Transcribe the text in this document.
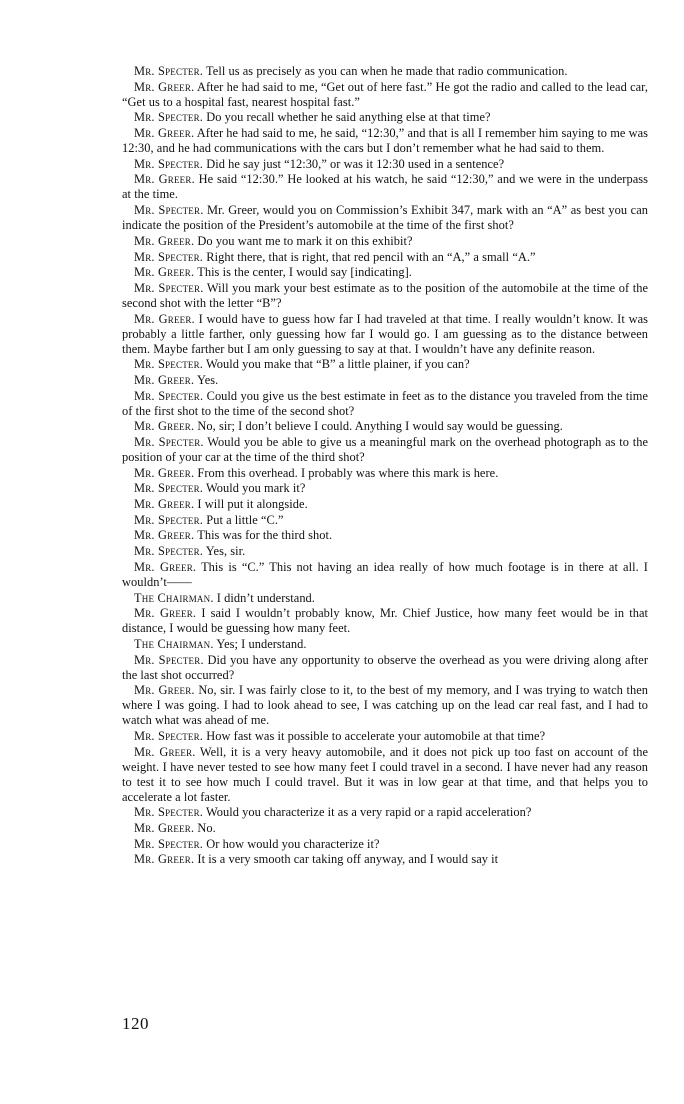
Mr. Specter. Tell us as precisely as you can when he made that radio communication.

Mr. Greer. After he had said to me, “Get out of here fast.” He got the radio and called to the lead car, “Get us to a hospital fast, nearest hospital fast.”

Mr. Specter. Do you recall whether he said anything else at that time?

Mr. Greer. After he had said to me, he said, “12:30,” and that is all I remember him saying to me was 12:30, and he had communications with the cars but I don’t remember what he had said to them.

Mr. Specter. Did he say just “12:30,” or was it 12:30 used in a sentence?

Mr. Greer. He said “12:30.” He looked at his watch, he said “12:30,” and we were in the underpass at the time.

Mr. Specter. Mr. Greer, would you on Commission’s Exhibit 347, mark with an “A” as best you can indicate the position of the President’s automobile at the time of the first shot?

Mr. Greer. Do you want me to mark it on this exhibit?

Mr. Specter. Right there, that is right, that red pencil with an “A,” a small “A.”

Mr. Greer. This is the center, I would say [indicating].

Mr. Specter. Will you mark your best estimate as to the position of the automobile at the time of the second shot with the letter “B”?

Mr. Greer. I would have to guess how far I had traveled at that time. I really wouldn’t know. It was probably a little farther, only guessing how far I would go. I am guessing as to the distance between them. Maybe farther but I am only guessing to say at that. I wouldn’t have any definite reason.

Mr. Specter. Would you make that “B” a little plainer, if you can?

Mr. Greer. Yes.

Mr. Specter. Could you give us the best estimate in feet as to the distance you traveled from the time of the first shot to the time of the second shot?

Mr. Greer. No, sir; I don’t believe I could. Anything I would say would be guessing.

Mr. Specter. Would you be able to give us a meaningful mark on the overhead photograph as to the position of your car at the time of the third shot?

Mr. Greer. From this overhead. I probably was where this mark is here.

Mr. Specter. Would you mark it?

Mr. Greer. I will put it alongside.

Mr. Specter. Put a little “C.”

Mr. Greer. This was for the third shot.

Mr. Specter. Yes, sir.

Mr. Greer. This is “C.” This not having an idea really of how much footage is in there at all. I wouldn’t——

The Chairman. I didn’t understand.

Mr. Greer. I said I wouldn’t probably know, Mr. Chief Justice, how many feet would be in that distance, I would be guessing how many feet.

The Chairman. Yes; I understand.

Mr. Specter. Did you have any opportunity to observe the overhead as you were driving along after the last shot occurred?

Mr. Greer. No, sir. I was fairly close to it, to the best of my memory, and I was trying to watch then where I was going. I had to look ahead to see, I was catching up on the lead car real fast, and I had to watch what was ahead of me.

Mr. Specter. How fast was it possible to accelerate your automobile at that time?

Mr. Greer. Well, it is a very heavy automobile, and it does not pick up too fast on account of the weight. I have never tested to see how many feet I could travel in a second. I have never had any reason to test it to see how much I could travel. But it was in low gear at that time, and that helps you to accelerate a lot faster.

Mr. Specter. Would you characterize it as a very rapid or a rapid acceleration?

Mr. Greer. No.

Mr. Specter. Or how would you characterize it?

Mr. Greer. It is a very smooth car taking off anyway, and I would say it

120
